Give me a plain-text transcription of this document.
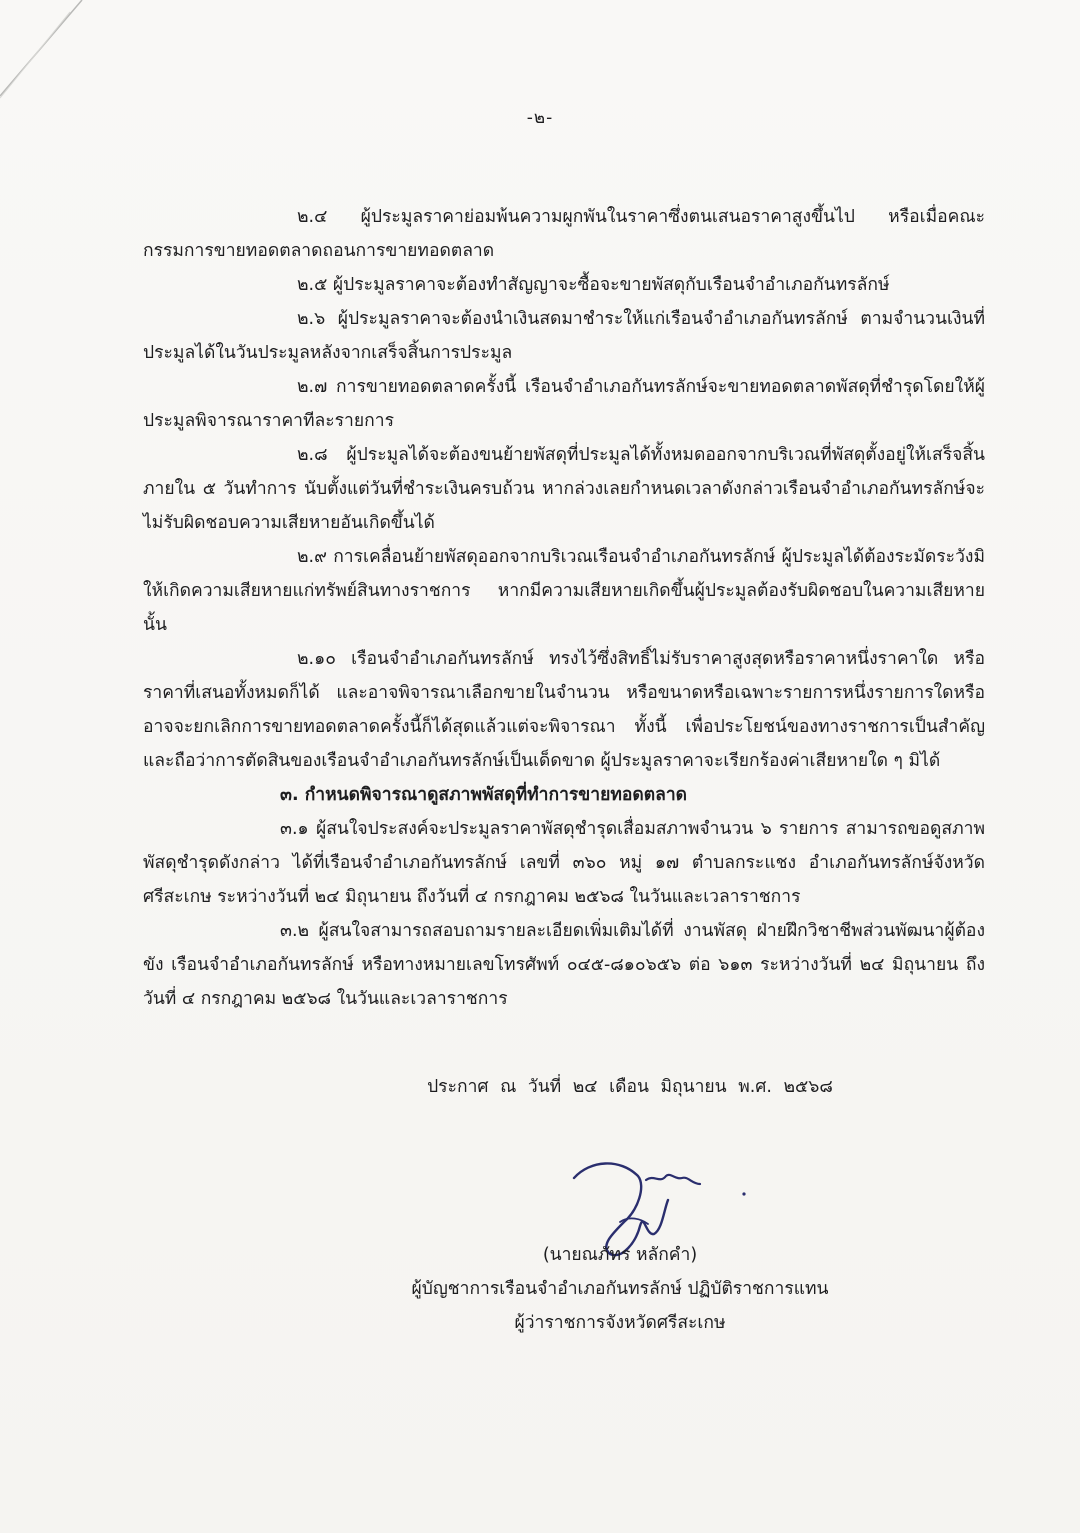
-๒-

๒.๔ ผู้ประมูลราคาย่อมพ้นความผูกพันในราคาซึ่งตนเสนอราคาสูงขึ้นไป หรือเมื่อคณะกรรมการขายทอดตลาดถอนการขายทอดตลาด

๒.๕ ผู้ประมูลราคาจะต้องทำสัญญาจะซื้อจะขายพัสดุกับเรือนจำอำเภอกันทรลักษ์

๒.๖ ผู้ประมูลราคาจะต้องนำเงินสดมาชำระให้แก่เรือนจำอำเภอกันทรลักษ์ ตามจำนวนเงินที่ประมูลได้ในวันประมูลหลังจากเสร็จสิ้นการประมูล

๒.๗ การขายทอดตลาดครั้งนี้ เรือนจำอำเภอกันทรลักษ์จะขายทอดตลาดพัสดุที่ชำรุดโดยให้ผู้ประมูลพิจารณาราคาทีละรายการ

๒.๘ ผู้ประมูลได้จะต้องขนย้ายพัสดุที่ประมูลได้ทั้งหมดออกจากบริเวณที่พัสดุตั้งอยู่ให้เสร็จสิ้นภายใน ๕ วันทำการ นับตั้งแต่วันที่ชำระเงินครบถ้วน หากล่วงเลยกำหนดเวลาดังกล่าวเรือนจำอำเภอกันทรลักษ์จะไม่รับผิดชอบความเสียหายอันเกิดขึ้นได้

๒.๙ การเคลื่อนย้ายพัสดุออกจากบริเวณเรือนจำอำเภอกันทรลักษ์ ผู้ประมูลได้ต้องระมัดระวังมิให้เกิดความเสียหายแก่ทรัพย์สินทางราชการ หากมีความเสียหายเกิดขึ้นผู้ประมูลต้องรับผิดชอบในความเสียหายนั้น

๒.๑๐ เรือนจำอำเภอกันทรลักษ์ ทรงไว้ซึ่งสิทธิ์ไม่รับราคาสูงสุดหรือราคาหนึ่งราคาใด หรือราคาที่เสนอทั้งหมดก็ได้ และอาจพิจารณาเลือกขายในจำนวน หรือขนาดหรือเฉพาะรายการหนึ่งรายการใดหรืออาจจะยกเลิกการขายทอดตลาดครั้งนี้ก็ได้สุดแล้วแต่จะพิจารณา ทั้งนี้ เพื่อประโยชน์ของทางราชการเป็นสำคัญและถือว่าการตัดสินของเรือนจำอำเภอกันทรลักษ์เป็นเด็ดขาด ผู้ประมูลราคาจะเรียกร้องค่าเสียหายใด ๆ มิได้

๓. กำหนดพิจารณาดูสภาพพัสดุที่ทำการขายทอดตลาด

๓.๑ ผู้สนใจประสงค์จะประมูลราคาพัสดุชำรุดเสื่อมสภาพจำนวน ๖ รายการ สามารถขอดูสภาพพัสดุชำรุดดังกล่าว ได้ที่เรือนจำอำเภอกันทรลักษ์ เลขที่ ๓๖๐ หมู่ ๑๗ ตำบลกระแชง อำเภอกันทรลักษ์จังหวัดศรีสะเกษ ระหว่างวันที่ ๒๔ มิถุนายน ถึงวันที่ ๔ กรกฎาคม ๒๕๖๘ ในวันและเวลาราชการ

๓.๒ ผู้สนใจสามารถสอบถามรายละเอียดเพิ่มเติมได้ที่ งานพัสดุ ฝ่ายฝึกวิชาชีพส่วนพัฒนาผู้ต้องขัง เรือนจำอำเภอกันทรลักษ์ หรือทางหมายเลขโทรศัพท์ ๐๔๕-๘๑๐๖๕๖ ต่อ ๖๑๓ ระหว่างวันที่ ๒๔ มิถุนายน ถึงวันที่ ๔ กรกฎาคม ๒๕๖๘ ในวันและเวลาราชการ

ประกาศ ณ วันที่ ๒๔ เดือน มิถุนายน พ.ศ. ๒๕๖๘
(นายณภัทร หลักคำ)
ผู้บัญชาการเรือนจำอำเภอกันทรลักษ์ ปฏิบัติราชการแทน
ผู้ว่าราชการจังหวัดศรีสะเกษ
